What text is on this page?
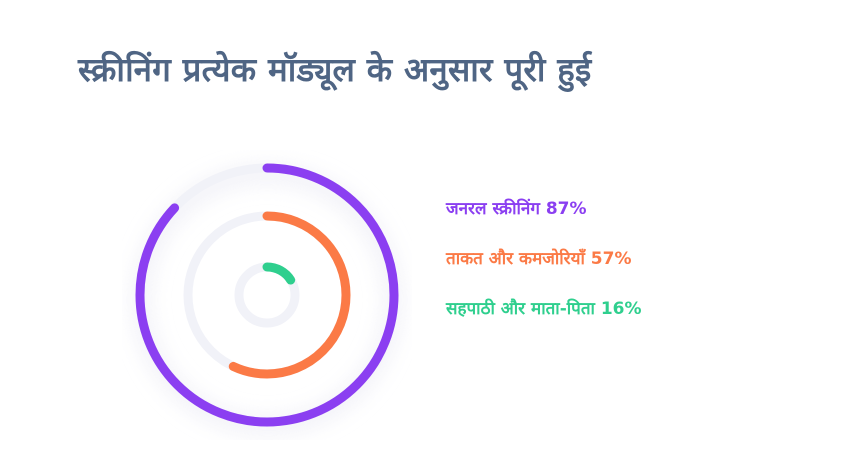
स्क्रीनिंग प्रत्येक मॉड्यूल के अनुसार पूरी हुई
जनरल स्क्रीनिंग 87%
ताकत और कमजोरियाँ 57%
सहपाठी और माता-पिता 16%
